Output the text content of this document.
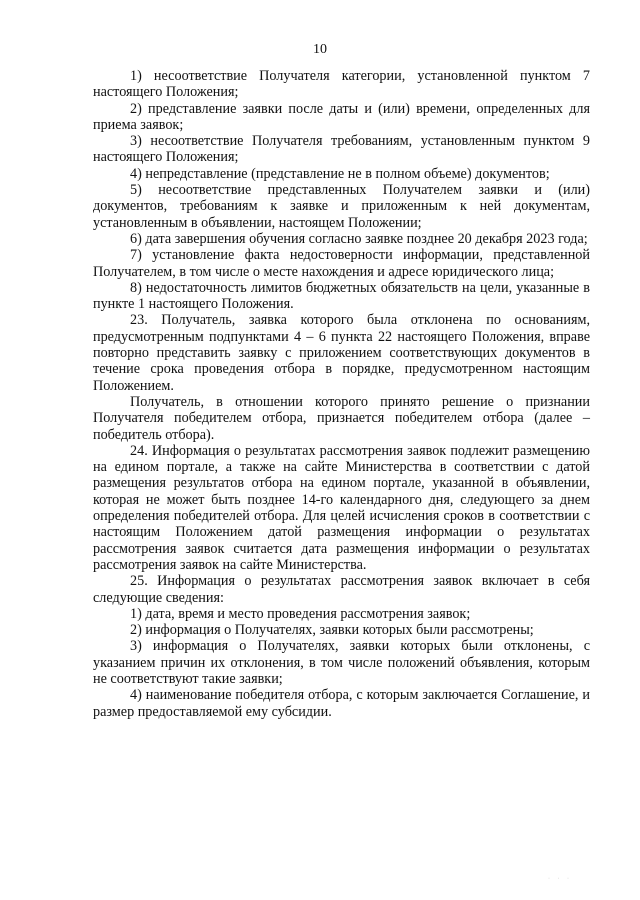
10

1) несоответствие Получателя категории, установленной пунктом 7 настоящего Положения;

2) представление заявки после даты и (или) времени, определенных для приема заявок;

3) несоответствие Получателя требованиям, установленным пунктом 9 настоящего Положения;

4) непредставление (представление не в полном объеме) документов;

5) несоответствие представленных Получателем заявки и (или) документов, требованиям к заявке и приложенным к ней документам, установленным в объявлении, настоящем Положении;

6) дата завершения обучения согласно заявке позднее 20 декабря 2023 года;

7) установление факта недостоверности информации, представленной Получателем, в том числе о месте нахождения и адресе юридического лица;

8) недостаточность лимитов бюджетных обязательств на цели, указанные в пункте 1 настоящего Положения.

23. Получатель, заявка которого была отклонена по основаниям, предусмотренным подпунктами 4 – 6 пункта 22 настоящего Положения, вправе повторно представить заявку с приложением соответствующих документов в течение срока проведения отбора в порядке, предусмотренном настоящим Положением.

Получатель, в отношении которого принято решение о признании Получателя победителем отбора, признается победителем отбора (далее – победитель отбора).

24. Информация о результатах рассмотрения заявок подлежит размещению на едином портале, а также на сайте Министерства в соответствии с датой размещения результатов отбора на едином портале, указанной в объявлении, которая не может быть позднее 14-го календарного дня, следующего за днем определения победителей отбора. Для целей исчисления сроков в соответствии с настоящим Положением датой размещения информации о результатах рассмотрения заявок считается дата размещения информации о результатах рассмотрения заявок на сайте Министерства.

25. Информация о результатах рассмотрения заявок включает в себя следующие сведения:

1) дата, время и место проведения рассмотрения заявок;

2) информация о Получателях, заявки которых были рассмотрены;

3) информация о Получателях, заявки которых были отклонены, с указанием причин их отклонения, в том числе положений объявления, которым не соответствуют такие заявки;

4) наименование победителя отбора, с которым заключается Соглашение, и размер предоставляемой ему субсидии.

· · ·
